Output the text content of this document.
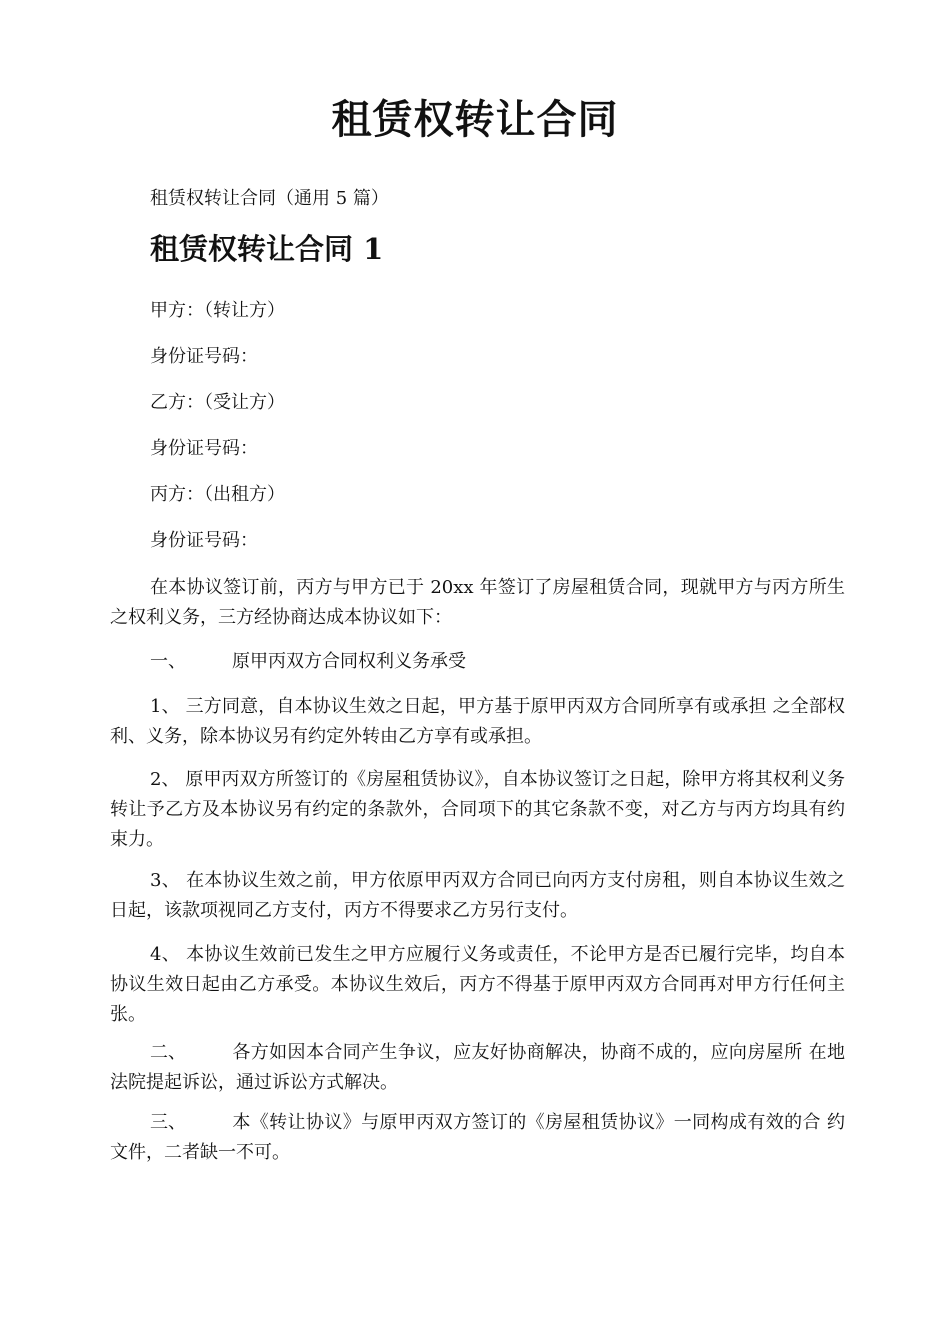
租赁权转让合同
租赁权转让合同（通用 5 篇）
租赁权转让合同 1
甲方：（转让方）
身份证号码：
乙方：（受让方）
身份证号码：
丙方：（出租方）
身份证号码：
在本协议签订前，丙方与甲方已于 20xx 年签订了房屋租赁合同，现就甲方与丙方所生之权利义务，三方经协商达成本协议如下：
一、	原甲丙双方合同权利义务承受
1、 三方同意，自本协议生效之日起，甲方基于原甲丙双方合同所享有或承担 之全部权利、义务，除本协议另有约定外转由乙方享有或承担。
2、 原甲丙双方所签订的《房屋租赁协议》，自本协议签订之日起，除甲方将其权利义务转让予乙方及本协议另有约定的条款外，合同项下的其它条款不变，对乙方与丙方均具有约束力。
3、 在本协议生效之前，甲方依原甲丙双方合同已向丙方支付房租，则自本协议生效之日起，该款项视同乙方支付，丙方不得要求乙方另行支付。
4、 本协议生效前已发生之甲方应履行义务或责任，不论甲方是否已履行完毕，均自本协议生效日起由乙方承受。本协议生效后，丙方不得基于原甲丙双方合同再对甲方行任何主张。
二、	各方如因本合同产生争议，应友好协商解决，协商不成的，应向房屋所 在地法院提起诉讼，通过诉讼方式解决。
三、	本《转让协议》与原甲丙双方签订的《房屋租赁协议》一同构成有效的合 约文件，二者缺一不可。
